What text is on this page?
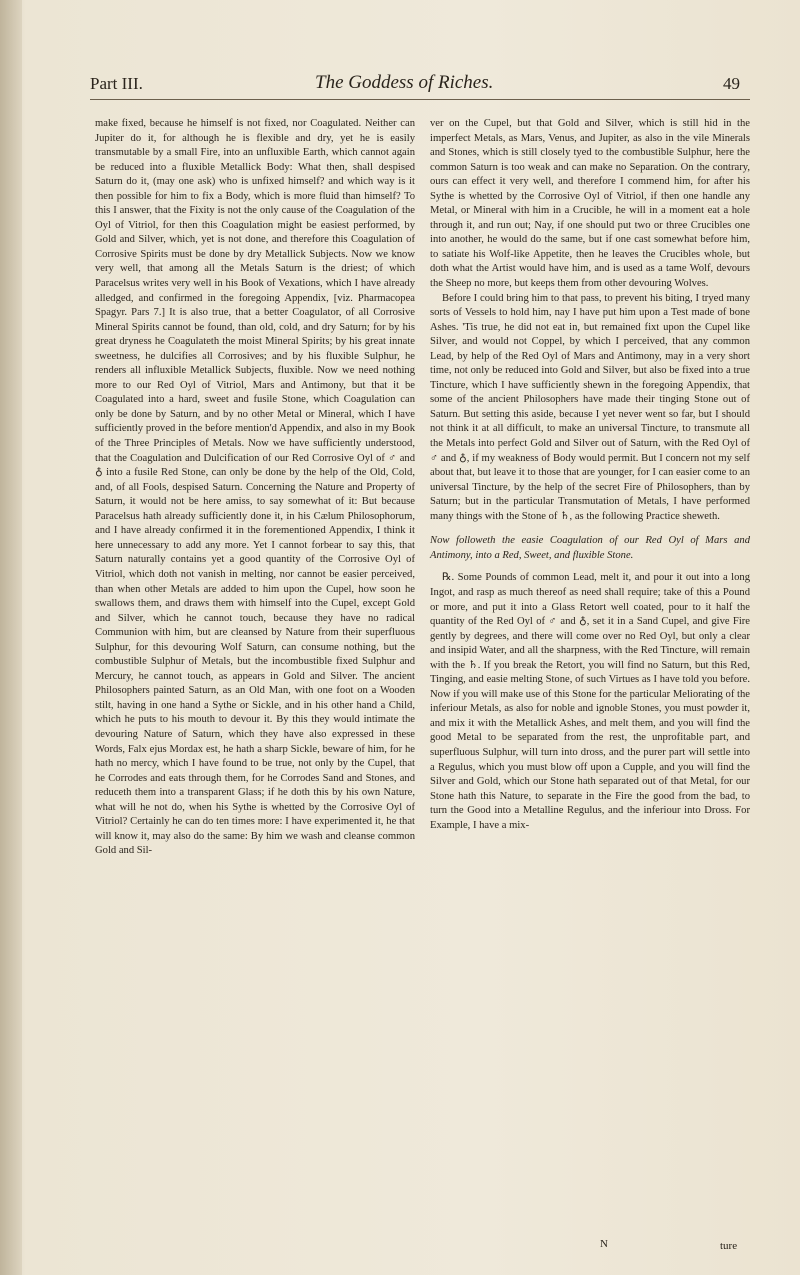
Part III.	The Goddess of Riches.	49

make fixed, because he himself is not fixed, nor Coagulated. Neither can Jupiter do it, for although he is flexible and dry, yet he is easily transmutable by a small Fire, into an unfluxible Earth, which cannot again be reduced into a fluxible Metallick Body: What then, shall despised Saturn do it, (may one ask) who is unfixed himself? and which way is it then possible for him to fix a Body, which is more fluid than himself? To this I answer, that the Fixity is not the only cause of the Coagulation of the Oyl of Vitriol, for then this Coagulation might be easiest performed, by Gold and Silver, which, yet is not done, and therefore this Coagulation of Corrosive Spirits must be done by dry Metallick Subjects. Now we know very well, that among all the Metals Saturn is the driest; of which Paracelsus writes very well in his Book of Vexations, which I have already alledged, and confirmed in the foregoing Appendix, [viz. Pharmacopea Spagyr. Pars 7.] It is also true, that a better Coagulator, of all Corrosive Mineral Spirits cannot be found, than old, cold, and dry Saturn; for by his great dryness he Coagulateth the moist Mineral Spirits; by his great innate sweetness, he dulcifies all Corrosives; and by his fluxible Sulphur, he renders all influxible Metallick Subjects, fluxible. Now we need nothing more to our Red Oyl of Vitriol, Mars and Antimony, but that it be Coagulated into a hard, sweet and fusile Stone, which Coagulation can only be done by Saturn, and by no other Metal or Mineral, which I have sufficiently proved in the before mention'd Appendix, and also in my Book of the Three Principles of Metals. Now we have sufficiently understood, that the Coagulation and Dulcification of our Red Corrosive Oyl of ♂ and ♁ into a fusile Red Stone, can only be done by the help of the Old, Cold, and, of all Fools, despised Saturn. Concerning the Nature and Property of Saturn, it would not be here amiss, to say somewhat of it: But because Paracelsus hath already sufficiently done it, in his Cælum Philosophorum, and I have already confirmed it in the forementioned Appendix, I think it here unnecessary to add any more. Yet I cannot forbear to say this, that Saturn naturally contains yet a good quantity of the Corrosive Oyl of Vitriol, which doth not vanish in melting, nor cannot be easier perceived, than when other Metals are added to him upon the Cupel, how soon he swallows them, and draws them with himself into the Cupel, except Gold and Silver, which he cannot touch, because they have no radical Communion with him, but are cleansed by Nature from their superfluous Sulphur, for this devouring Wolf Saturn, can consume nothing, but the combustible Sulphur of Metals, but the incombustible fixed Sulphur and Mercury, he cannot touch, as appears in Gold and Silver. The ancient Philosophers painted Saturn, as an Old Man, with one foot on a Wooden stilt, having in one hand a Sythe or Sickle, and in his other hand a Child, which he puts to his mouth to devour it. By this they would intimate the devouring Nature of Saturn, which they have also expressed in these Words, Falx ejus Mordax est, he hath a sharp Sickle, beware of him, for he hath no mercy, which I have found to be true, not only by the Cupel, that he Corrodes and eats through them, for he Corrodes Sand and Stones, and reduceth them into a transparent Glass; if he doth this by his own Nature, what will he not do, when his Sythe is whetted by the Corrosive Oyl of Vitriol? Certainly he can do ten times more: I have experimented it, he that will know it, may also do the same: By him we wash and cleanse common Gold and Sil-

ver on the Cupel, but that Gold and Silver, which is still hid in the imperfect Metals, as Mars, Venus, and Jupiter, as also in the vile Minerals and Stones, which is still closely tyed to the combustible Sulphur, here the common Saturn is too weak and can make no Separation. On the contrary, ours can effect it very well, and therefore I commend him, for after his Sythe is whetted by the Corrosive Oyl of Vitriol, if then one handle any Metal, or Mineral with him in a Crucible, he will in a moment eat a hole through it, and run out; Nay, if one should put two or three Crucibles one into another, he would do the same, but if one cast somewhat before him, to satiate his Wolf-like Appetite, then he leaves the Crucibles whole, but doth what the Artist would have him, and is used as a tame Wolf, devours the Sheep no more, but keeps them from other devouring Wolves.

Before I could bring him to that pass, to prevent his biting, I tryed many sorts of Vessels to hold him, nay I have put him upon a Test made of bone Ashes. 'Tis true, he did not eat in, but remained fixt upon the Cupel like Silver, and would not Coppel, by which I perceived, that any common Lead, by help of the Red Oyl of Mars and Antimony, may in a very short time, not only be reduced into Gold and Silver, but also be fixed into a true Tincture, which I have sufficiently shewn in the foregoing Appendix, that some of the ancient Philosophers have made their tinging Stone out of Saturn. But setting this aside, because I yet never went so far, but I should not think it at all difficult, to make an universal Tincture, to transmute all the Metals into perfect Gold and Silver out of Saturn, with the Red Oyl of ♂ and ♁, if my weakness of Body would permit. But I concern not my self about that, but leave it to those that are younger, for I can easier come to an universal Tincture, by the help of the secret Fire of Philosophers, than by Saturn; but in the particular Transmutation of Metals, I have performed many things with the Stone of ♄, as the following Practice sheweth.

Now followeth the easie Coagulation of our Red Oyl of Mars and Antimony, into a Red, Sweet, and fluxible Stone.

℞. Some Pounds of common Lead, melt it, and pour it out into a long Ingot, and rasp as much thereof as need shall require; take of this a Pound or more, and put it into a Glass Retort well coated, pour to it half the quantity of the Red Oyl of ♂ and ♁, set it in a Sand Cupel, and give Fire gently by degrees, and there will come over no Red Oyl, but only a clear and insipid Water, and all the sharpness, with the Red Tincture, will remain with the ♄. If you break the Retort, you will find no Saturn, but this Red, Tinging, and easie melting Stone, of such Virtues as I have told you before. Now if you will make use of this Stone for the particular Meliorating of the inferiour Metals, as also for noble and ignoble Stones, you must powder it, and mix it with the Metallick Ashes, and melt them, and you will find the good Metal to be separated from the rest, the unprofitable part, and superfluous Sulphur, will turn into dross, and the purer part will settle into a Regulus, which you must blow off upon a Cupple, and you will find the Silver and Gold, which our Stone hath separated out of that Metal, for our Stone hath this Nature, to separate in the Fire the good from the bad, to turn the Good into a Metalline Regulus, and the inferiour into Dross. For Example, I have a mix-

N	ture
